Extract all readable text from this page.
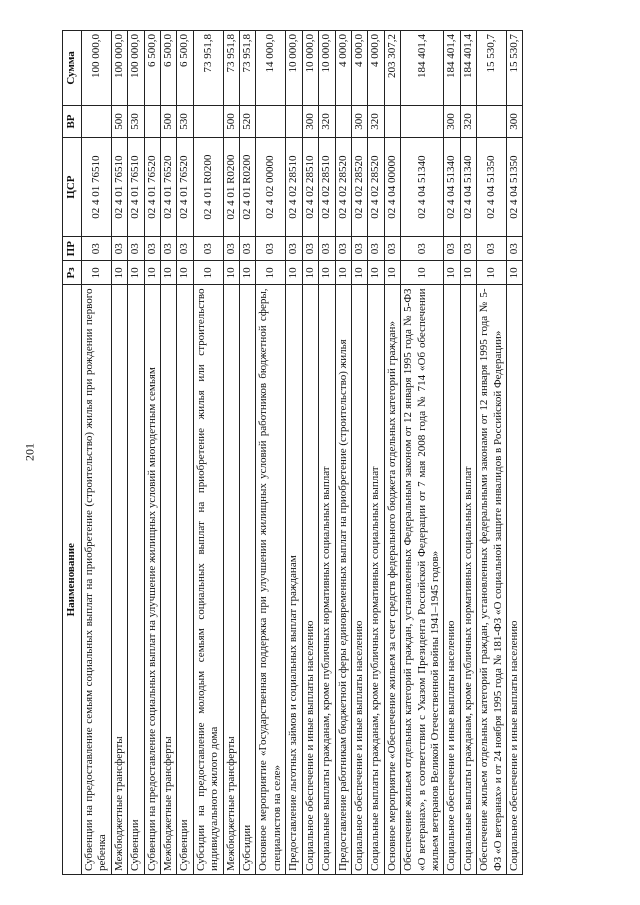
201
Наименование	Рз	ПР	ЦСР	ВР	Сумма
Субвенции на предоставление семьям социальных выплат на приобретение (строительство) жилья при рождении первого ребенка	10	03	02 4 01 76510		100 000,0
Межбюджетные трансферты	10	03	02 4 01 76510	500	100 000,0
Субвенции	10	03	02 4 01 76510	530	100 000,0
Субвенции на предоставление социальных выплат на улучшение жилищных условий многодетным семьям	10	03	02 4 01 76520		6 500,0
Межбюджетные трансферты	10	03	02 4 01 76520	500	6 500,0
Субвенции	10	03	02 4 01 76520	530	6 500,0
Субсидии на предоставление молодым семьям социальных выплат на приобретение жилья или строительство индивидуального жилого дома	10	03	02 4 01 R0200		73 951,8
Межбюджетные трансферты	10	03	02 4 01 R0200	500	73 951,8
Субсидии	10	03	02 4 01 R0200	520	73 951,8
Основное мероприятие «Государственная поддержка при улучшении жилищных условий работников бюджетной сферы, специалистов на селе»	10	03	02 4 02 00000		14 000,0
Предоставление льготных займов и социальных выплат гражданам	10	03	02 4 02 28510		10 000,0
Социальное обеспечение и иные выплаты населению	10	03	02 4 02 28510	300	10 000,0
Социальные выплаты гражданам, кроме публичных нормативных социальных выплат	10	03	02 4 02 28510	320	10 000,0
Предоставление работникам бюджетной сферы единовременных выплат на приобретение (строительство) жилья	10	03	02 4 02 28520		4 000,0
Социальное обеспечение и иные выплаты населению	10	03	02 4 02 28520	300	4 000,0
Социальные выплаты гражданам, кроме публичных нормативных социальных выплат	10	03	02 4 02 28520	320	4 000,0
Основное мероприятие «Обеспечение жильем за счет средств федерального бюджета отдельных категорий граждан»	10	03	02 4 04 00000		203 307,2
Обеспечение жильем отдельных категорий граждан, установленных Федеральным законом от 12 января 1995 года № 5-ФЗ «О ветеранах», в соответствии с Указом Президента Российской Федерации от 7 мая 2008 года № 714 «Об обеспечении жильем ветеранов Великой Отечественной войны 1941–1945 годов»	10	03	02 4 04 51340		184 401,4
Социальное обеспечение и иные выплаты населению	10	03	02 4 04 51340	300	184 401,4
Социальные выплаты гражданам, кроме публичных нормативных социальных выплат	10	03	02 4 04 51340	320	184 401,4
Обеспечение жильем отдельных категорий граждан, установленных федеральными законами от 12 января 1995 года № 5-ФЗ «О ветеранах» и от 24 ноября 1995 года № 181-ФЗ «О социальной защите инвалидов в Российской Федерации»	10	03	02 4 04 51350		15 530,7
Социальное обеспечение и иные выплаты населению	10	03	02 4 04 51350	300	15 530,7
